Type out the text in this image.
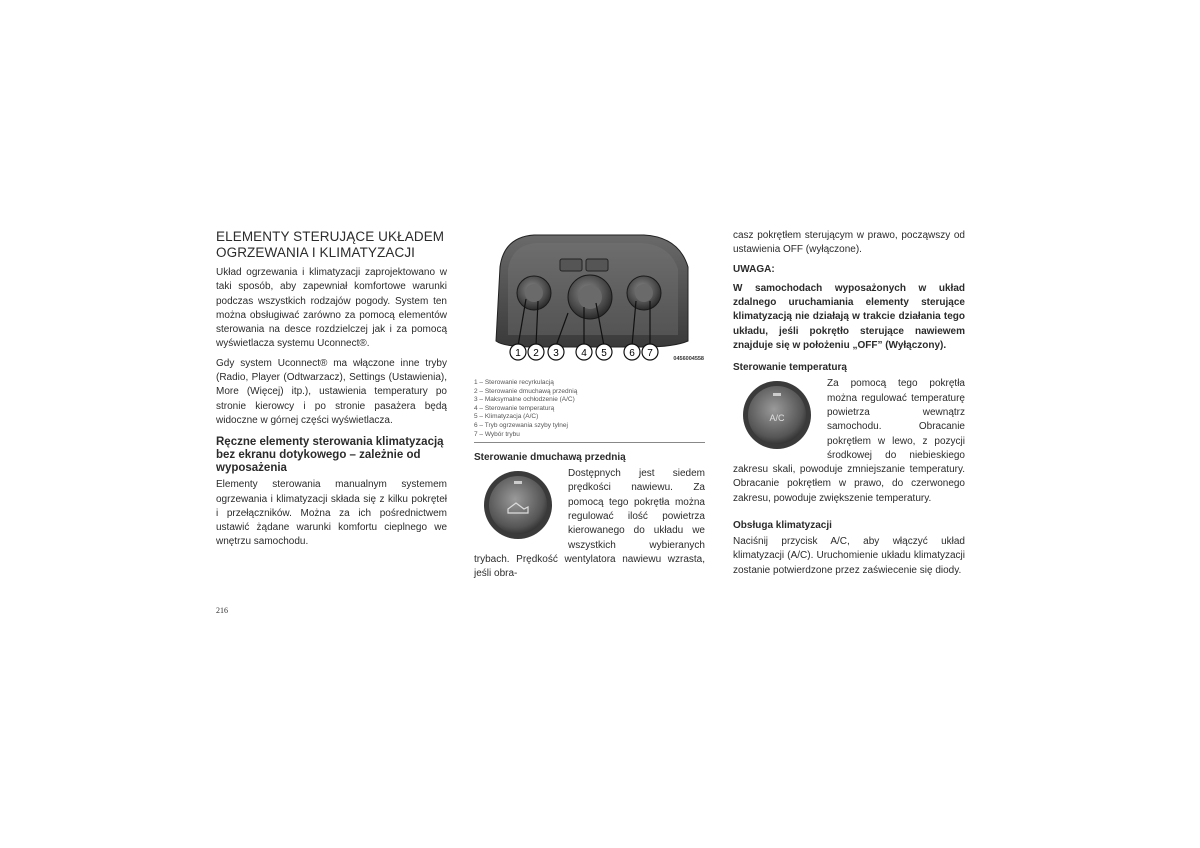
ELEMENTY STERUJĄCE UKŁADEM OGRZEWANIA I KLIMATYZACJI

Układ ogrzewania i klimatyzacji zaprojektowano w taki sposób, aby zapewniał komfortowe warunki podczas wszystkich rodzajów pogody. System ten można obsługiwać zarówno za pomocą elementów sterowania na desce rozdzielczej jak i za pomocą wyświetlacza systemu Uconnect®.

Gdy system Uconnect® ma włączone inne tryby (Radio, Player (Odtwarzacz), Settings (Ustawienia), More (Więcej) itp.), ustawienia temperatury po stronie kierowcy i po stronie pasażera będą widoczne w górnej części wyświetlacza.

Ręczne elementy sterowania klimatyzacją bez ekranu dotykowego – zależnie od wyposażenia

Elementy sterowania manualnym systemem ogrzewania i klimatyzacji składa się z kilku pokręteł i przełączników. Można za ich pośrednictwem ustawić żądane warunki komfortu cieplnego we wnętrzu samochodu.

1 2 3 4 5 6 7	0456004558
1 – Sterowanie recyrkulacją
2 – Sterowanie dmuchawą przednią
3 – Maksymalne ochłodzenie (A/C)
4 – Sterowanie temperaturą
5 – Klimatyzacja (A/C)
6 – Tryb ogrzewania szyby tylnej
7 – Wybór trybu
Sterowanie dmuchawą przednią

Dostępnych jest siedem prędkości nawiewu. Za pomocą tego pokrętła można regulować ilość powietrza kierowanego do układu we wszystkich wybieranych trybach. Prędkość wentylatora nawiewu wzrasta, jeśli obra-

casz pokrętłem sterującym w prawo, począwszy od ustawienia OFF (wyłączone).

UWAGA:

W samochodach wyposażonych w układ zdalnego uruchamiania elementy sterujące klimatyzacją nie działają w trakcie działania tego układu, jeśli pokrętło sterujące nawiewem znajduje się w położeniu „OFF” (Wyłączony).

Sterowanie temperaturą
A/C

Za pomocą tego pokrętła można regulować temperaturę powietrza wewnątrz samochodu. Obracanie pokrętłem w lewo, z pozycji środkowej do niebieskiego zakresu skali, powoduje zmniejszanie temperatury. Obracanie pokrętłem w prawo, do czerwonego zakresu, powoduje zwiększenie temperatury.

Obsługa klimatyzacji

Naciśnij przycisk A/C, aby włączyć układ klimatyzacji (A/C). Uruchomienie układu klimatyzacji zostanie potwierdzone przez zaświecenie się diody.

216
